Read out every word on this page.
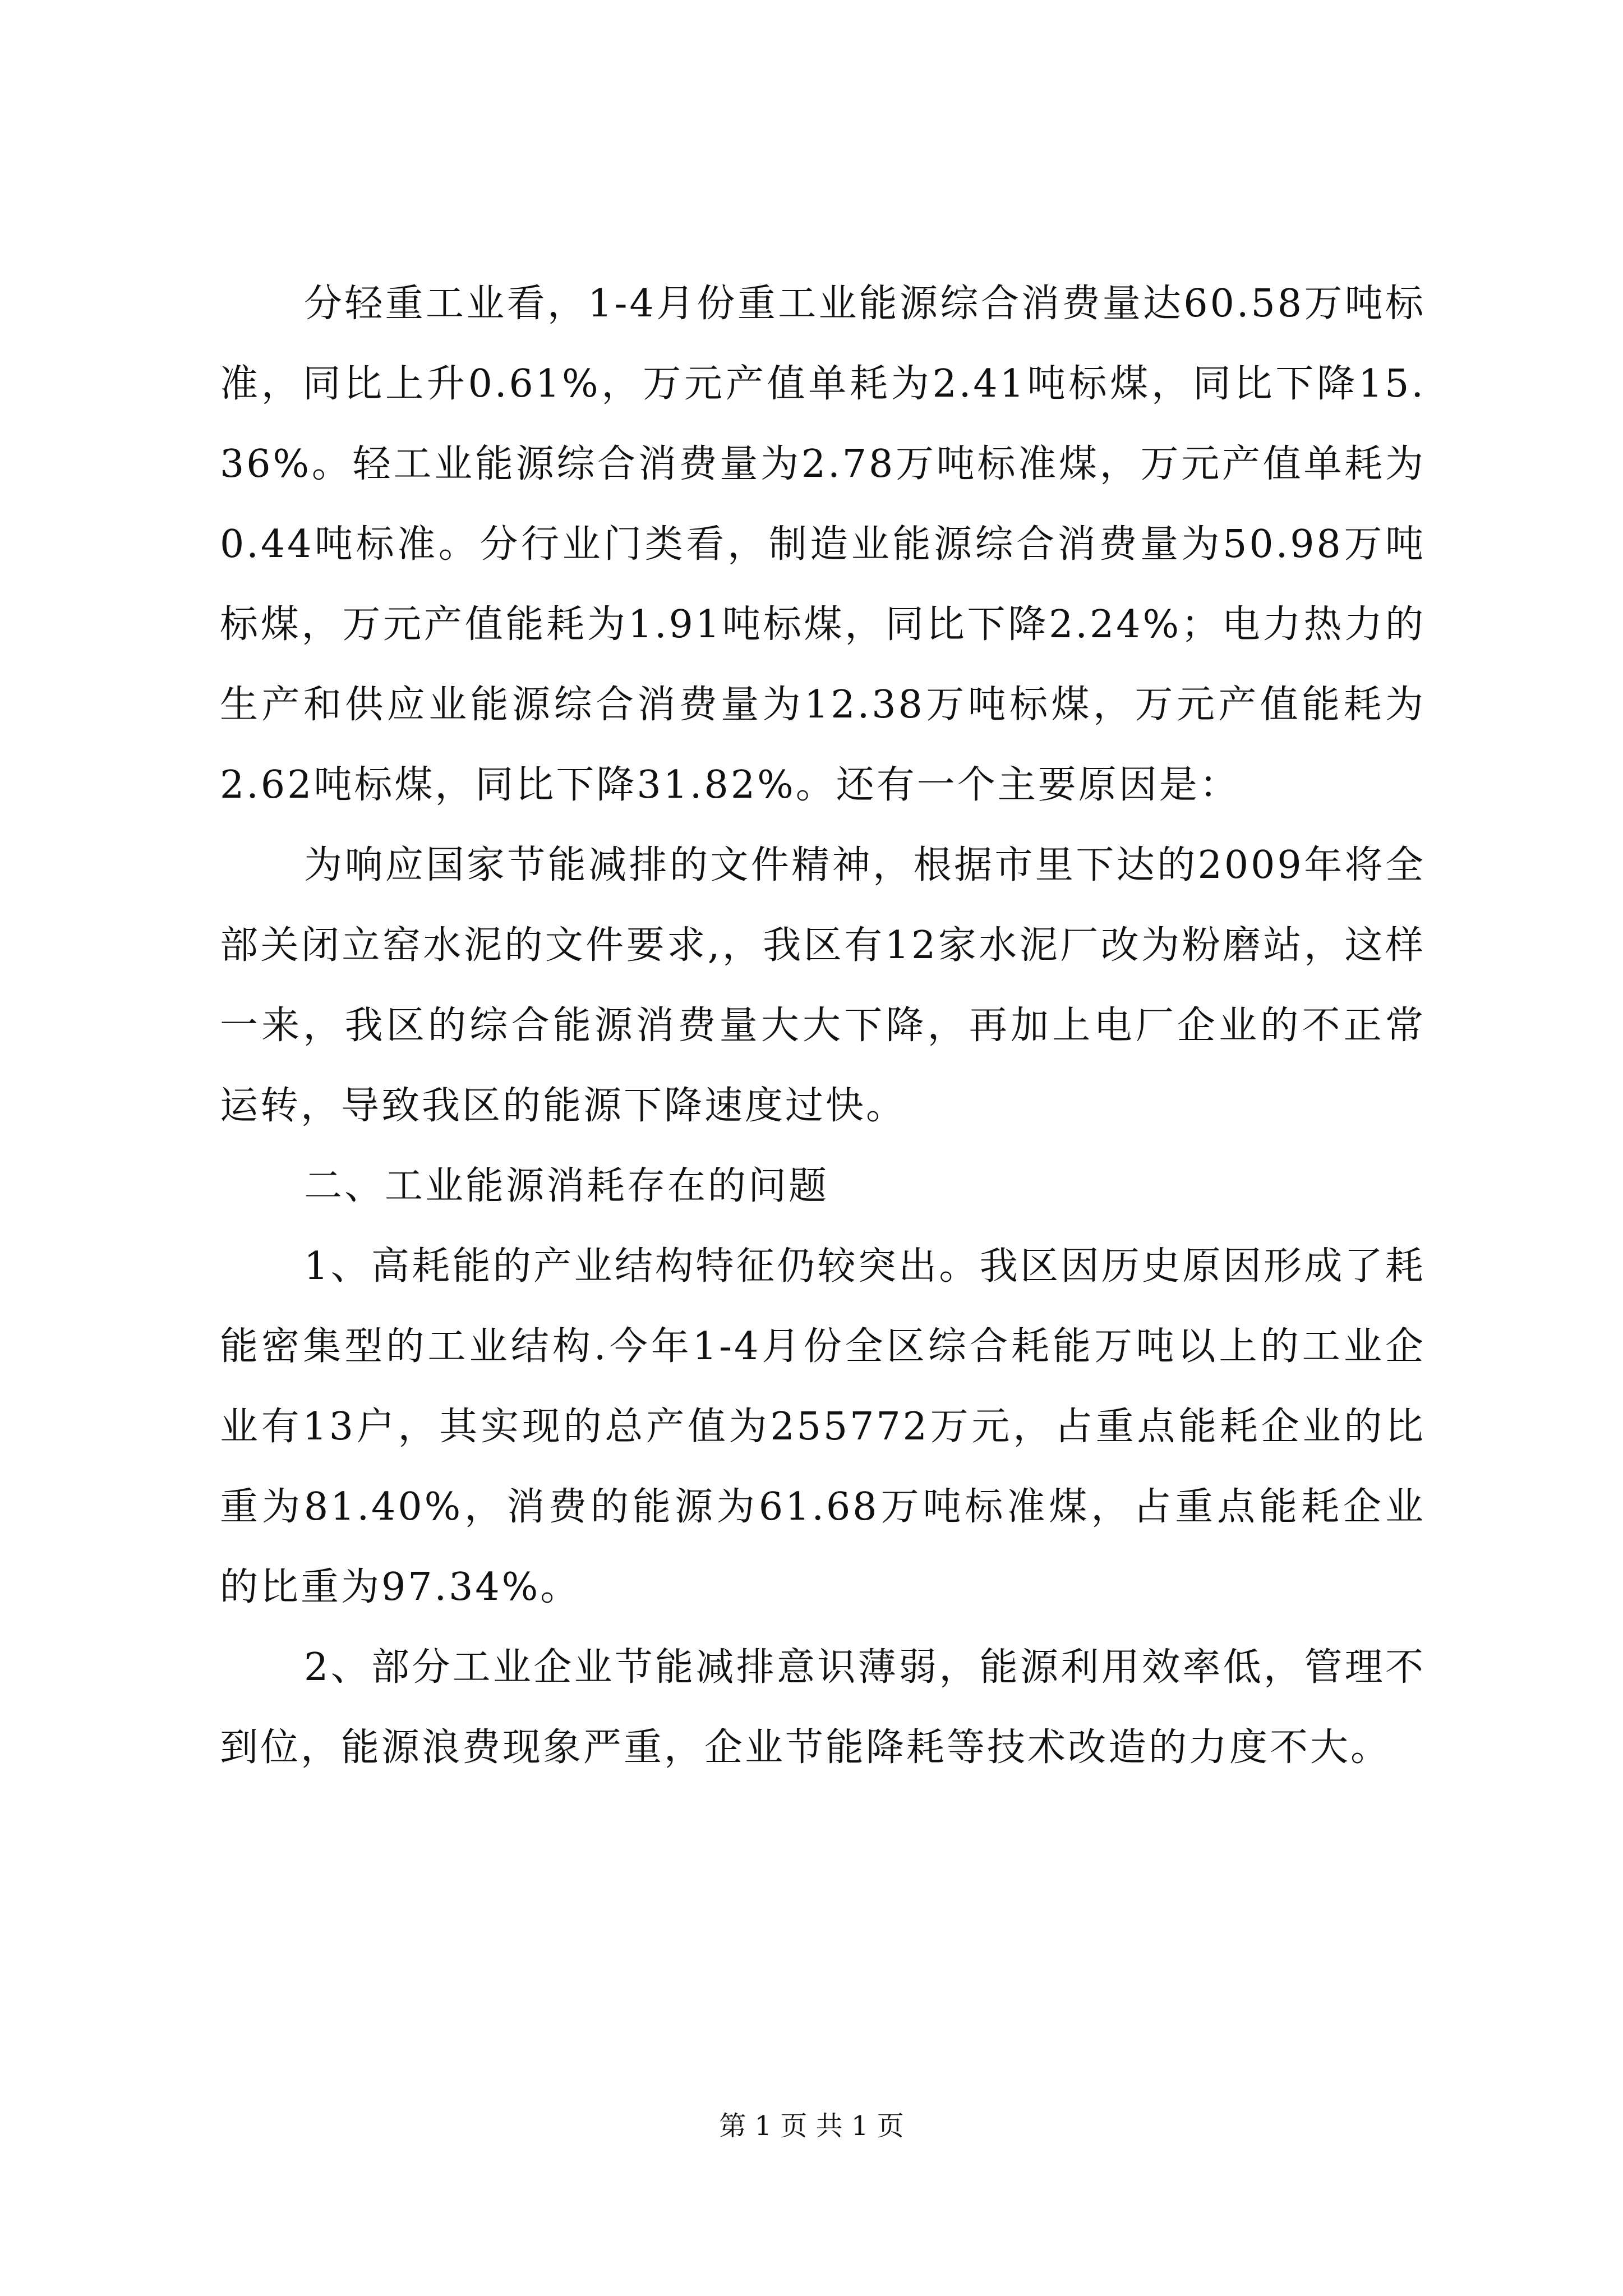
分轻重工业看，1-4月份重工业能源综合消费量达60.58万吨标准，同比上升0.61%，万元产值单耗为2.41吨标煤，同比下降15.36%。轻工业能源综合消费量为2.78万吨标准煤，万元产值单耗为0.44吨标准。分行业门类看，制造业能源综合消费量为50.98万吨标煤，万元产值能耗为1.91吨标煤，同比下降2.24%；电力热力的生产和供应业能源综合消费量为12.38万吨标煤，万元产值能耗为2.62吨标煤，同比下降31.82%。还有一个主要原因是：

为响应国家节能减排的文件精神，根据市里下达的2009年将全部关闭立窑水泥的文件要求,，我区有12家水泥厂改为粉磨站，这样一来，我区的综合能源消费量大大下降，再加上电厂企业的不正常运转，导致我区的能源下降速度过快。

二、工业能源消耗存在的问题

1、高耗能的产业结构特征仍较突出。我区因历史原因形成了耗能密集型的工业结构.今年1-4月份全区综合耗能万吨以上的工业企业有13户，其实现的总产值为255772万元，占重点能耗企业的比重为81.40%，消费的能源为61.68万吨标准煤，占重点能耗企业的比重为97.34%。

2、部分工业企业节能减排意识薄弱，能源利用效率低，管理不到位，能源浪费现象严重，企业节能降耗等技术改造的力度不大。

第 1 页 共 1 页
